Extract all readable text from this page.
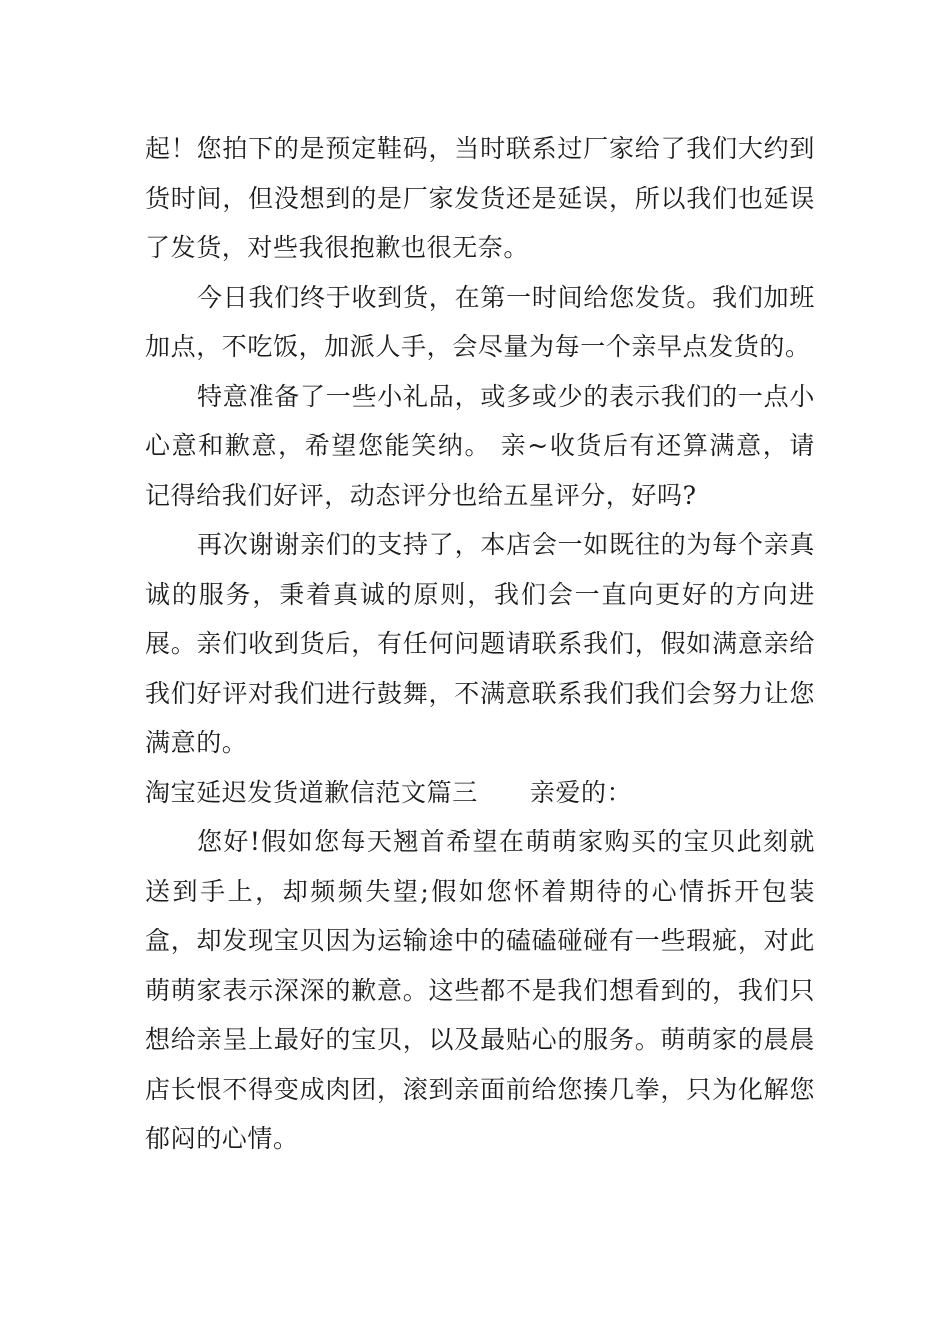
起！您拍下的是预定鞋码，当时联系过厂家给了我们大约到货时间，但没想到的是厂家发货还是延误，所以我们也延误了发货，对些我很抱歉也很无奈。

今日我们终于收到货，在第一时间给您发货。我们加班加点，不吃饭，加派人手，会尽量为每一个亲早点发货的。

特意准备了一些小礼品，或多或少的表示我们的一点小心意和歉意，希望您能笑纳。 亲~收货后有还算满意，请记得给我们好评，动态评分也给五星评分，好吗?

再次谢谢亲们的支持了，本店会一如既往的为每个亲真诚的服务，秉着真诚的原则，我们会一直向更好的方向进展。亲们收到货后，有任何问题请联系我们，假如满意亲给我们好评对我们进行鼓舞，不满意联系我们我们会努力让您满意的。

淘宝延迟发货道歉信范文篇三 亲爱的：

您好!假如您每天翘首希望在萌萌家购买的宝贝此刻就送到手上，却频频失望;假如您怀着期待的心情拆开包装盒，却发现宝贝因为运输途中的磕磕碰碰有一些瑕疵，对此萌萌家表示深深的歉意。这些都不是我们想看到的，我们只想给亲呈上最好的宝贝，以及最贴心的服务。萌萌家的晨晨店长恨不得变成肉团，滚到亲面前给您揍几拳，只为化解您郁闷的心情。
